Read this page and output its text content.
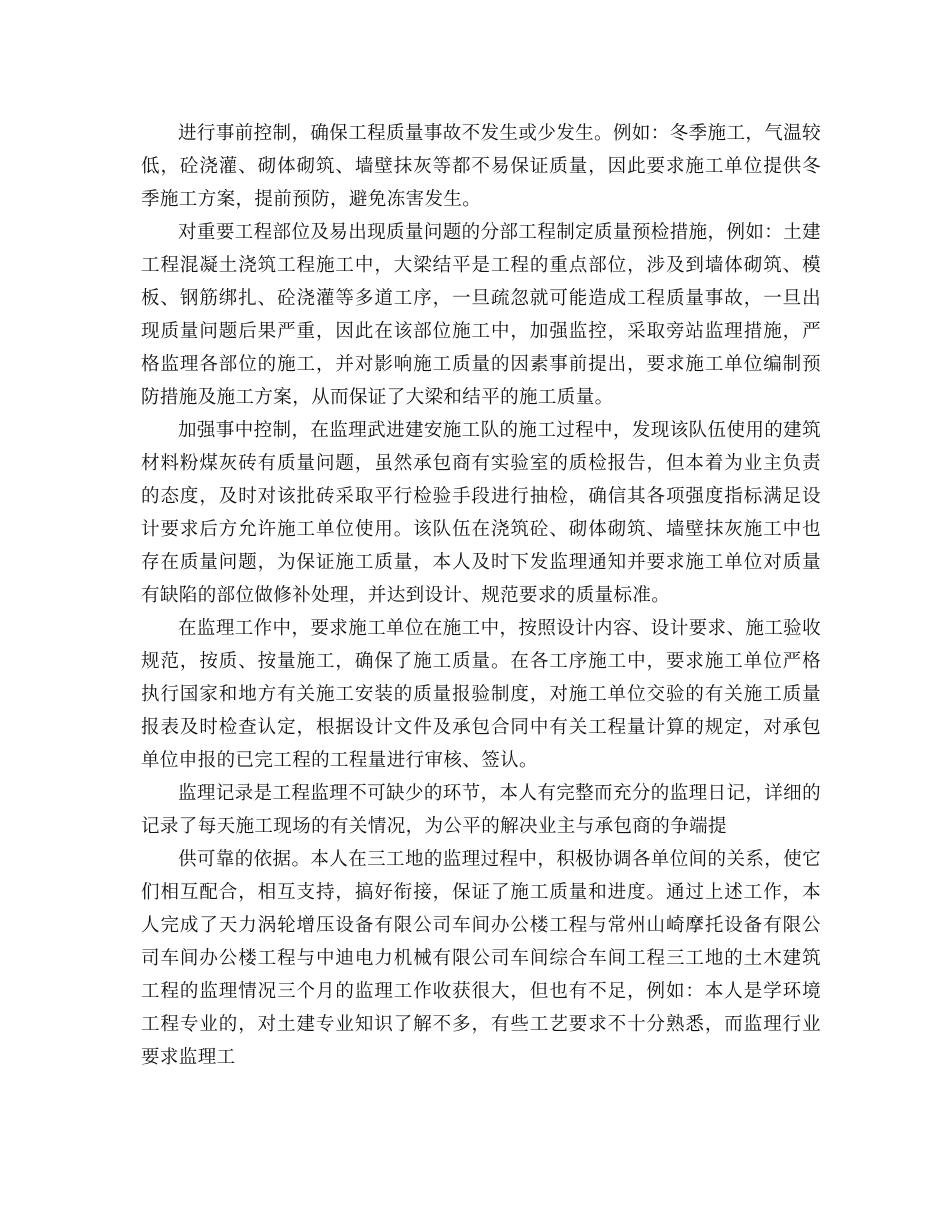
进行事前控制，确保工程质量事故不发生或少发生。例如：冬季施工，气温较低，砼浇灌、砌体砌筑、墙壁抹灰等都不易保证质量，因此要求施工单位提供冬季施工方案，提前预防，避免冻害发生。

对重要工程部位及易出现质量问题的分部工程制定质量预检措施，例如：土建工程混凝土浇筑工程施工中，大梁结平是工程的重点部位，涉及到墙体砌筑、模板、钢筋绑扎、砼浇灌等多道工序，一旦疏忽就可能造成工程质量事故，一旦出现质量问题后果严重，因此在该部位施工中，加强监控，采取旁站监理措施，严格监理各部位的施工，并对影响施工质量的因素事前提出，要求施工单位编制预防措施及施工方案，从而保证了大梁和结平的施工质量。

加强事中控制，在监理武进建安施工队的施工过程中，发现该队伍使用的建筑材料粉煤灰砖有质量问题，虽然承包商有实验室的质检报告，但本着为业主负责的态度，及时对该批砖采取平行检验手段进行抽检，确信其各项强度指标满足设计要求后方允许施工单位使用。该队伍在浇筑砼、砌体砌筑、墙壁抹灰施工中也存在质量问题，为保证施工质量，本人及时下发监理通知并要求施工单位对质量有缺陷的部位做修补处理，并达到设计、规范要求的质量标准。

在监理工作中，要求施工单位在施工中，按照设计内容、设计要求、施工验收规范，按质、按量施工，确保了施工质量。在各工序施工中，要求施工单位严格执行国家和地方有关施工安装的质量报验制度，对施工单位交验的有关施工质量报表及时检查认定，根据设计文件及承包合同中有关工程量计算的规定，对承包单位申报的已完工程的工程量进行审核、签认。

监理记录是工程监理不可缺少的环节，本人有完整而充分的监理日记，详细的记录了每天施工现场的有关情况，为公平的解决业主与承包商的争端提

供可靠的依据。本人在三工地的监理过程中，积极协调各单位间的关系，使它们相互配合，相互支持，搞好衔接，保证了施工质量和进度。通过上述工作，本人完成了天力涡轮增压设备有限公司车间办公楼工程与常州山崎摩托设备有限公司车间办公楼工程与中迪电力机械有限公司车间综合车间工程三工地的土木建筑工程的监理情况三个月的监理工作收获很大，但也有不足，例如：本人是学环境工程专业的，对土建专业知识了解不多，有些工艺要求不十分熟悉，而监理行业要求监理工
